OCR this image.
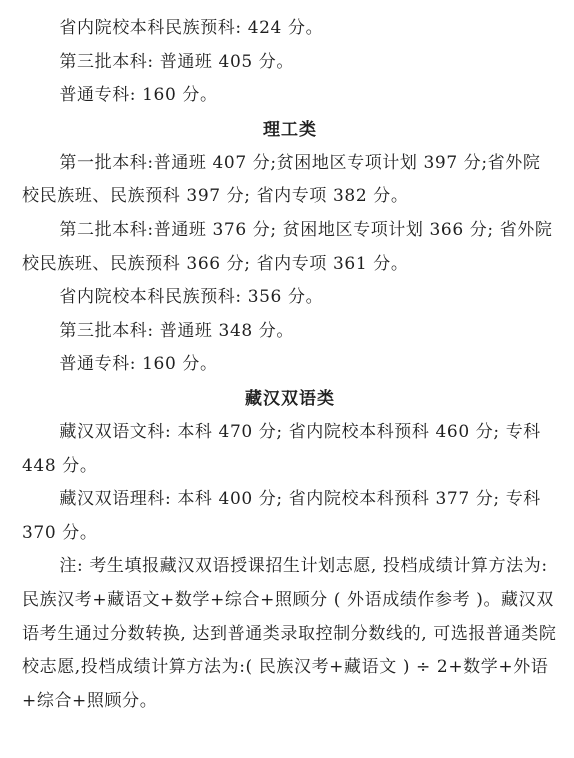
省内院校本科民族预科: 424 分。

第三批本科: 普通班 405 分。

普通专科: 160 分。

理工类

第一批本科:普通班 407 分;贫困地区专项计划 397 分;省外院校民族班、民族预科 397 分; 省内专项 382 分。

第二批本科:普通班 376 分; 贫困地区专项计划 366 分; 省外院校民族班、民族预科 366 分; 省内专项 361 分。

省内院校本科民族预科: 356 分。

第三批本科: 普通班 348 分。

普通专科: 160 分。

藏汉双语类

藏汉双语文科: 本科 470 分; 省内院校本科预科 460 分; 专科 448 分。

藏汉双语理科: 本科 400 分; 省内院校本科预科 377 分; 专科 370 分。

注: 考生填报藏汉双语授课招生计划志愿, 投档成绩计算方法为: 民族汉考+藏语文+数学+综合+照顾分 ( 外语成绩作参考 )。藏汉双语考生通过分数转换, 达到普通类录取控制分数线的, 可选报普通类院校志愿,投档成绩计算方法为:( 民族汉考+藏语文 ) ÷ 2+数学+外语+综合+照顾分。
